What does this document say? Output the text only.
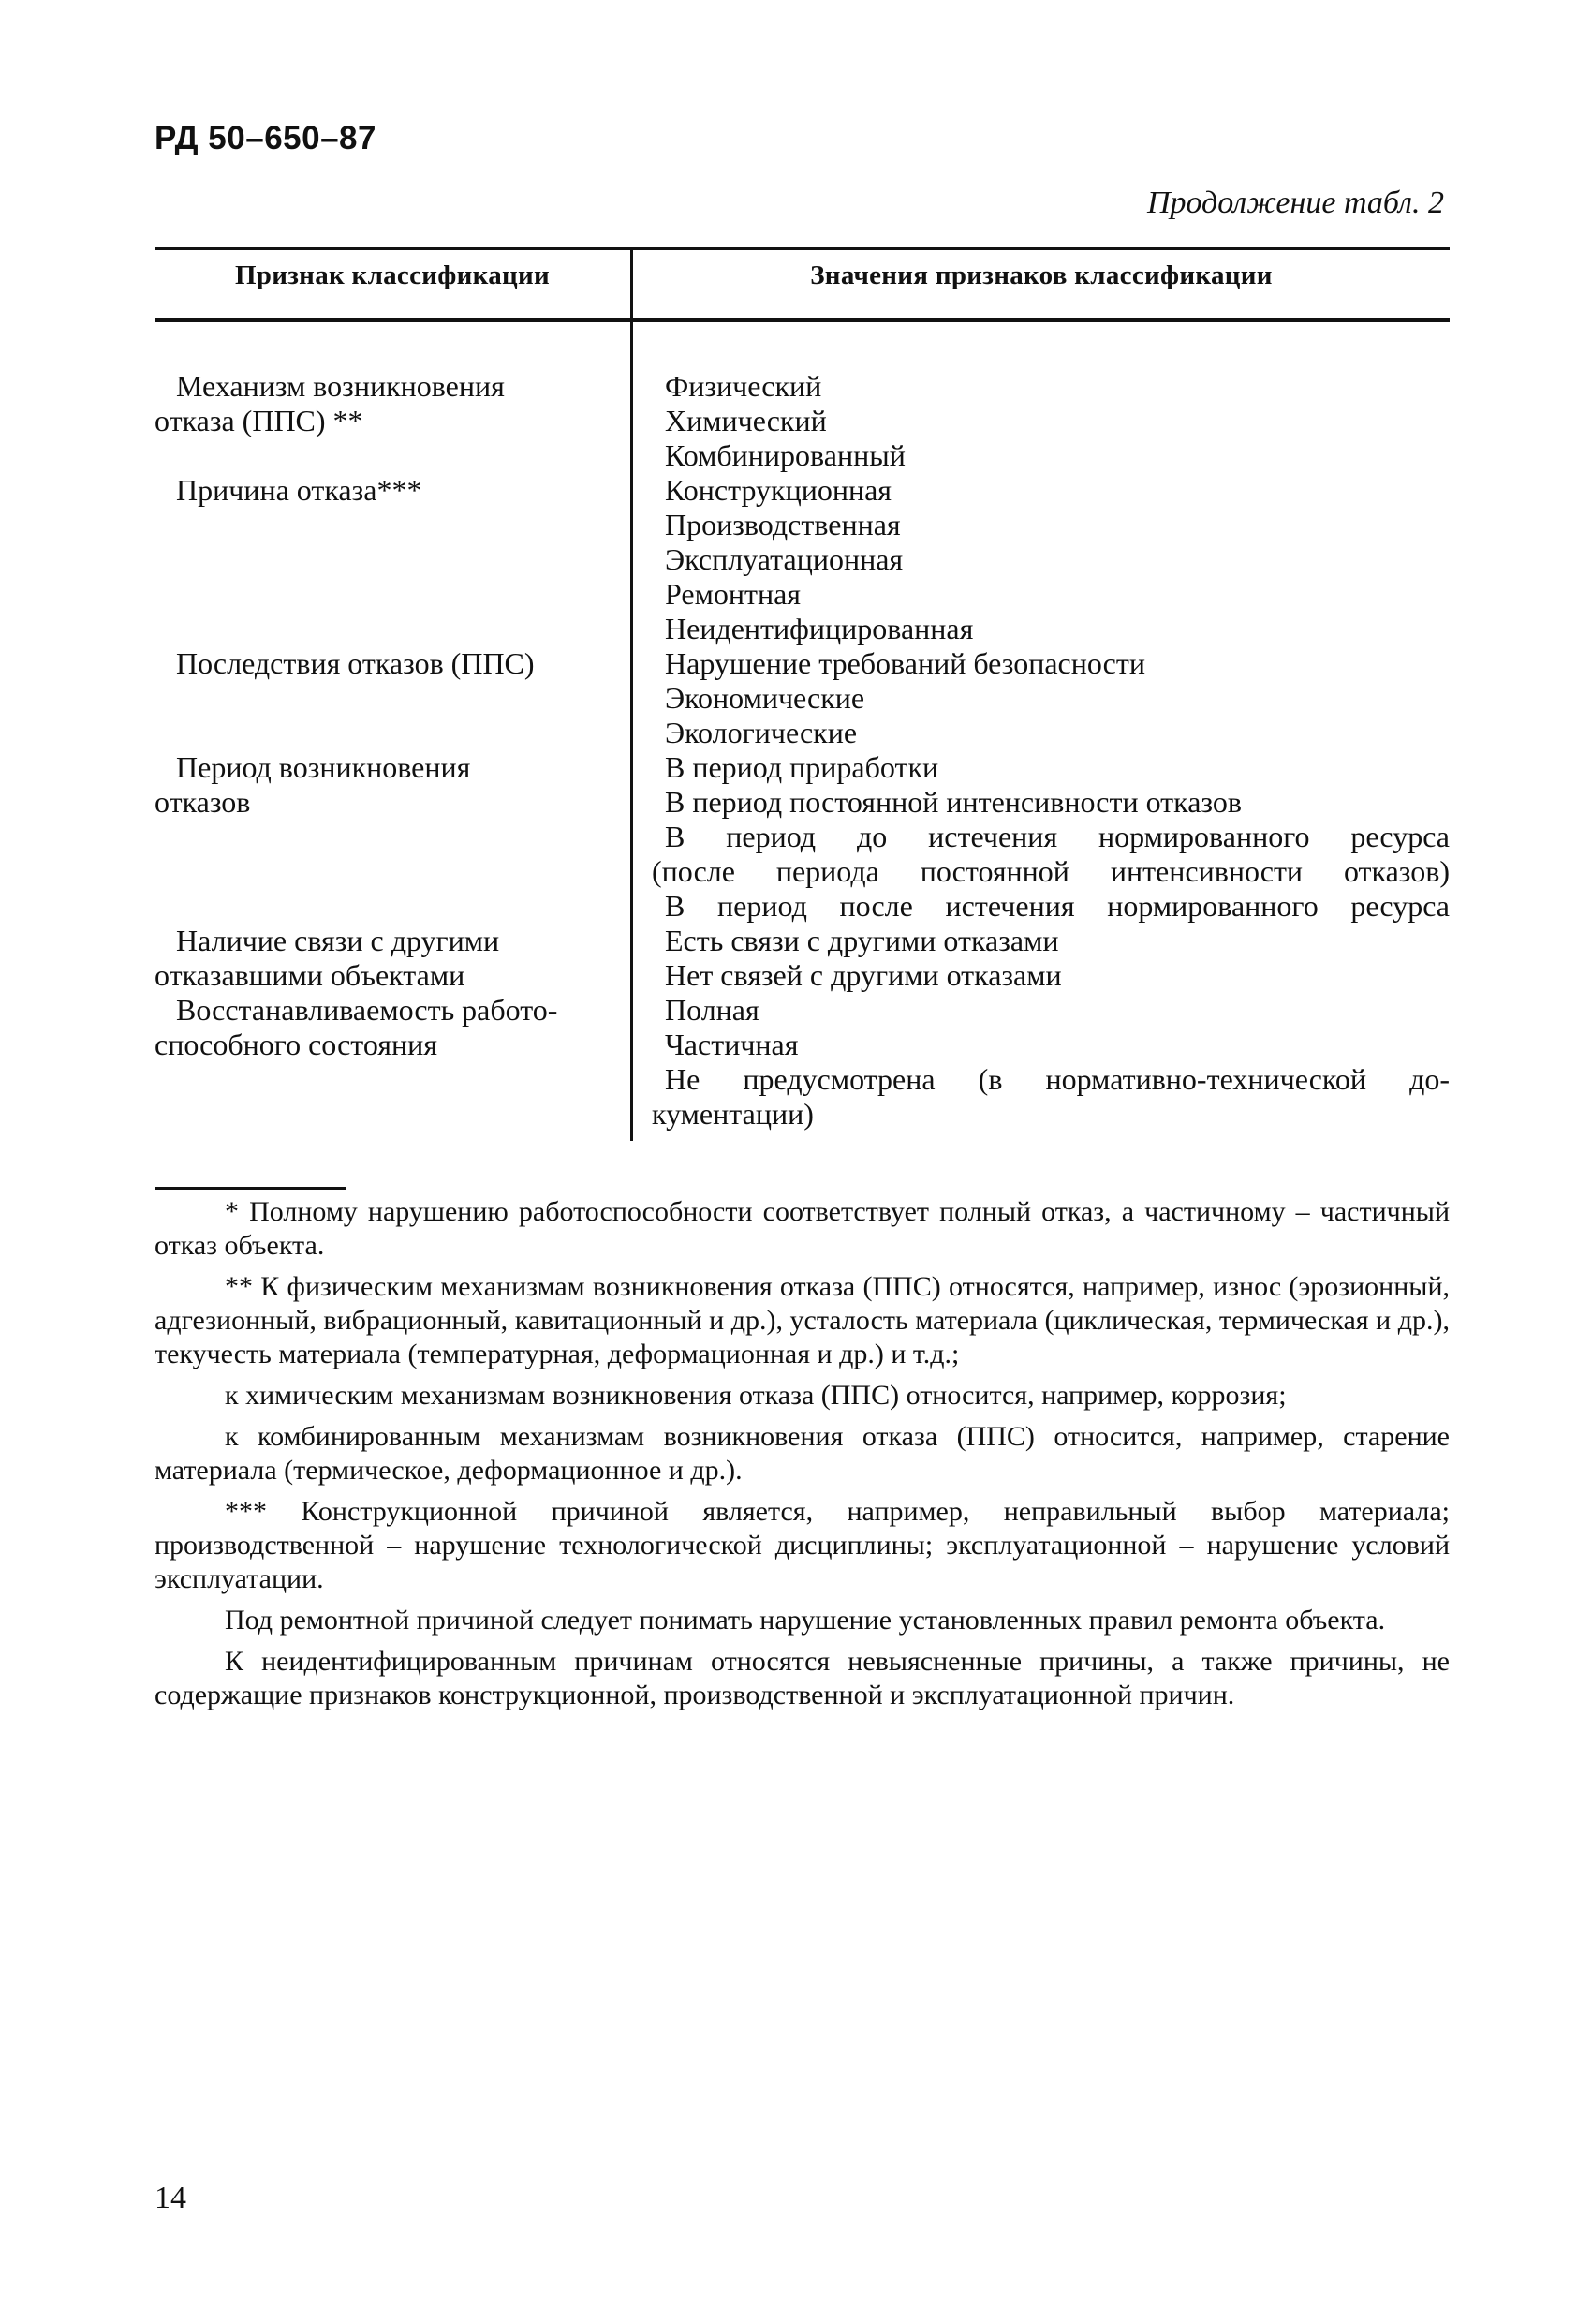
РД 50–650–87
Продолжение табл. 2
Признак классификации	Значения признаков классификации
Механизм возникновения
отказа (ППС) **
Причина отказа***
Последствия отказов (ППС)
Период возникновения
отказов
Наличие связи с другими
отказавшими объектами
Восстанавливаемость работо-
способного состояния
Физический
Химический
Комбинированный
Конструкционная
Производственная
Эксплуатационная
Ремонтная
Неидентифицированная
Нарушение требований безопасности
Экономические
Экологические
В период приработки
В период постоянной интенсивности отказов
В период до истечения нормированного ресурса
(после периода постоянной интенсивности отказов)
В период после истечения нормированного ресурса
Есть связи с другими отказами
Нет связей с другими отказами
Полная
Частичная
Не предусмотрена (в нормативно-технической до-
кументации)

* Полному нарушению работоспособности соответствует полный отказ, а частичному – частичный отказ объекта.

** К физическим механизмам возникновения отказа (ППС) относятся, например, износ (эрозионный, адгезионный, вибрационный, кавитационный и др.), усталость материала (циклическая, термическая и др.), текучесть материала (температурная, деформационная и др.) и т.д.;

к химическим механизмам возникновения отказа (ППС) относится, например, коррозия;

к комбинированным механизмам возникновения отказа (ППС) относится, например, старение материала (термическое, деформационное и др.).

*** Конструкционной причиной является, например, неправильный выбор материала; производственной – нарушение технологической дисциплины; эксплуатационной – нарушение условий эксплуатации.

Под ремонтной причиной следует понимать нарушение установленных правил ремонта объекта.

К неидентифицированным причинам относятся невыясненные причины, а также причины, не содержащие признаков конструкционной, производственной и эксплуатационной причин.

14
